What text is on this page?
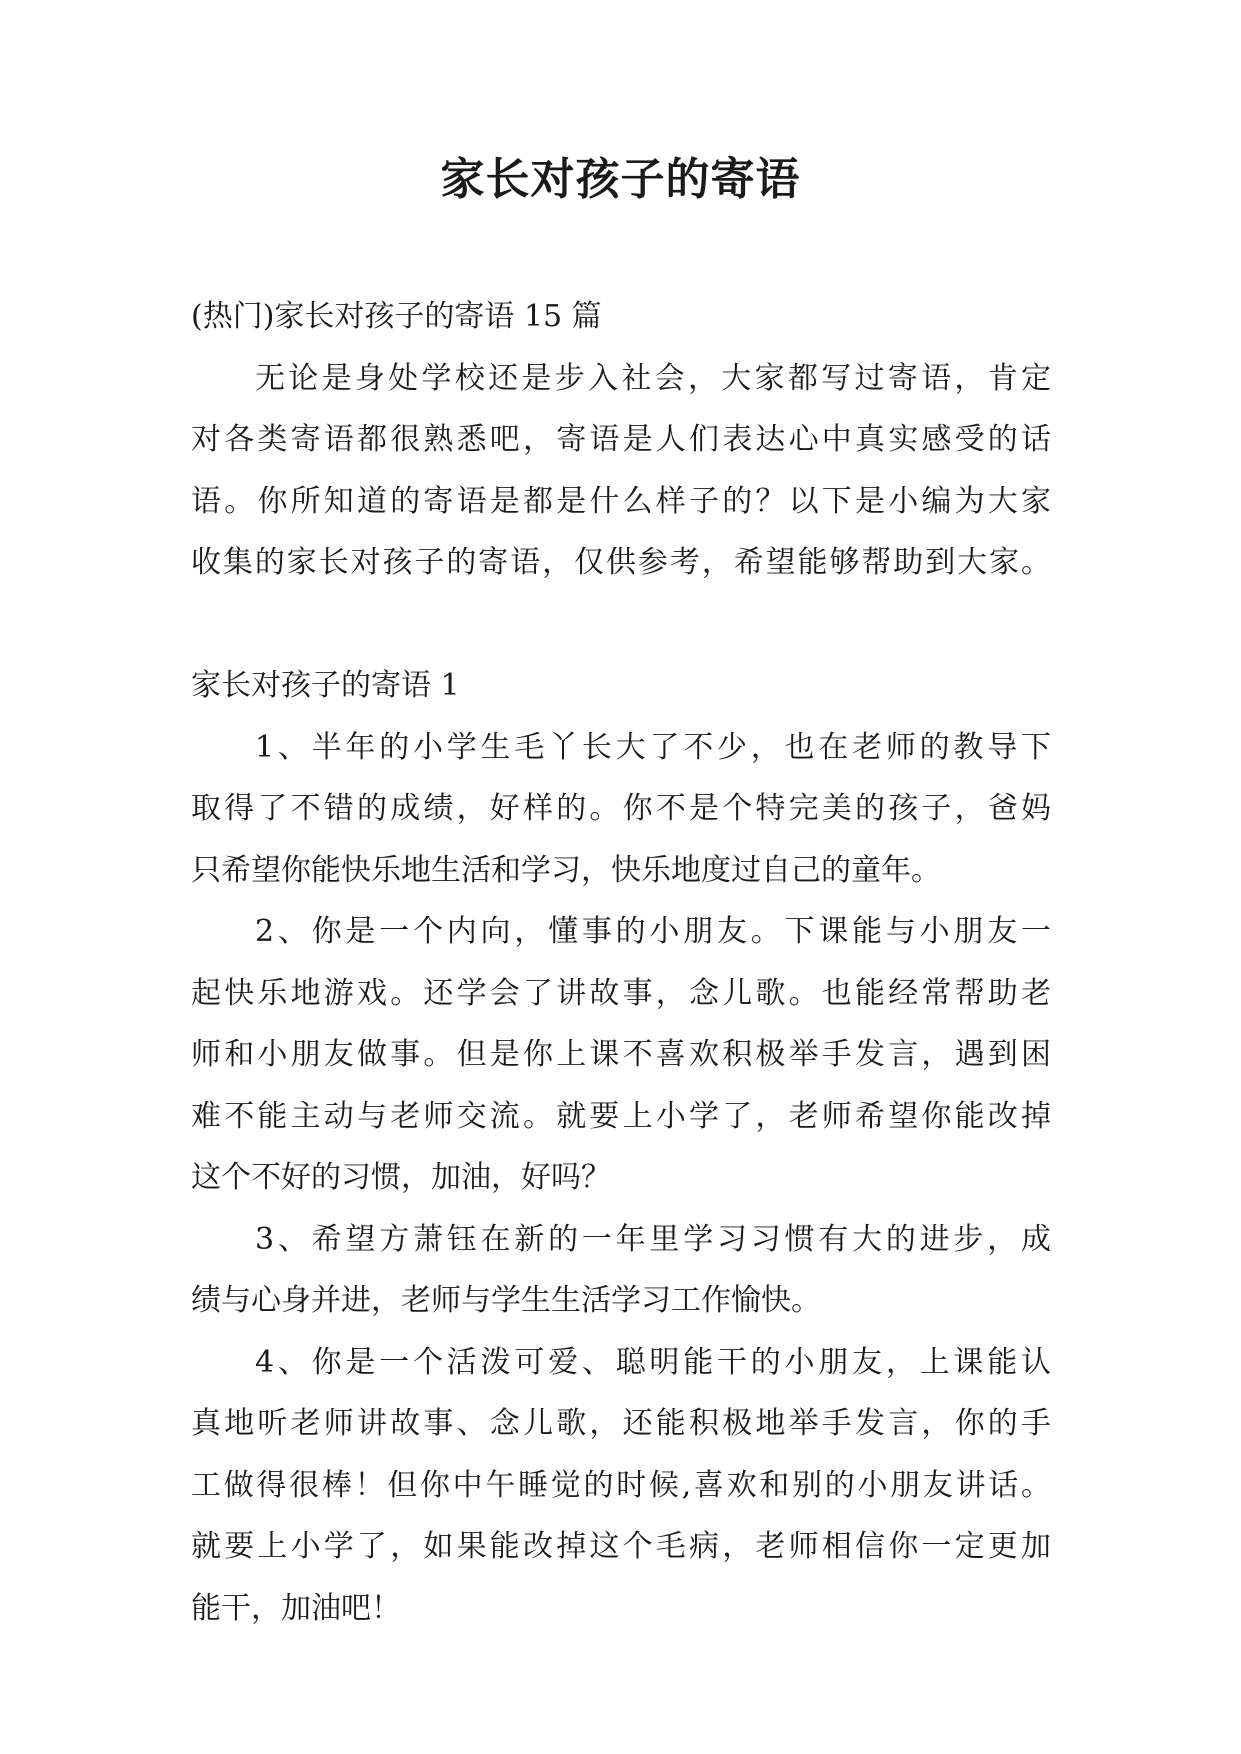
家长对孩子的寄语
(热门)家长对孩子的寄语 15 篇
无论是身处学校还是步入社会，大家都写过寄语，肯定
对各类寄语都很熟悉吧，寄语是人们表达心中真实感受的话
语。你所知道的寄语是都是什么样子的？以下是小编为大家
收集的家长对孩子的寄语，仅供参考，希望能够帮助到大家。
家长对孩子的寄语 1
1、半年的小学生毛丫长大了不少，也在老师的教导下
取得了不错的成绩，好样的。你不是个特完美的孩子，爸妈
只希望你能快乐地生活和学习，快乐地度过自己的童年。
2、你是一个内向，懂事的小朋友。下课能与小朋友一
起快乐地游戏。还学会了讲故事，念儿歌。也能经常帮助老
师和小朋友做事。但是你上课不喜欢积极举手发言，遇到困
难不能主动与老师交流。就要上小学了，老师希望你能改掉
这个不好的习惯，加油，好吗？
3、希望方萧钰在新的一年里学习习惯有大的进步，成
绩与心身并进，老师与学生生活学习工作愉快。
4、你是一个活泼可爱、聪明能干的小朋友，上课能认
真地听老师讲故事、念儿歌，还能积极地举手发言，你的手
工做得很棒！但你中午睡觉的时候,喜欢和别的小朋友讲话。
就要上小学了，如果能改掉这个毛病，老师相信你一定更加
能干，加油吧！
